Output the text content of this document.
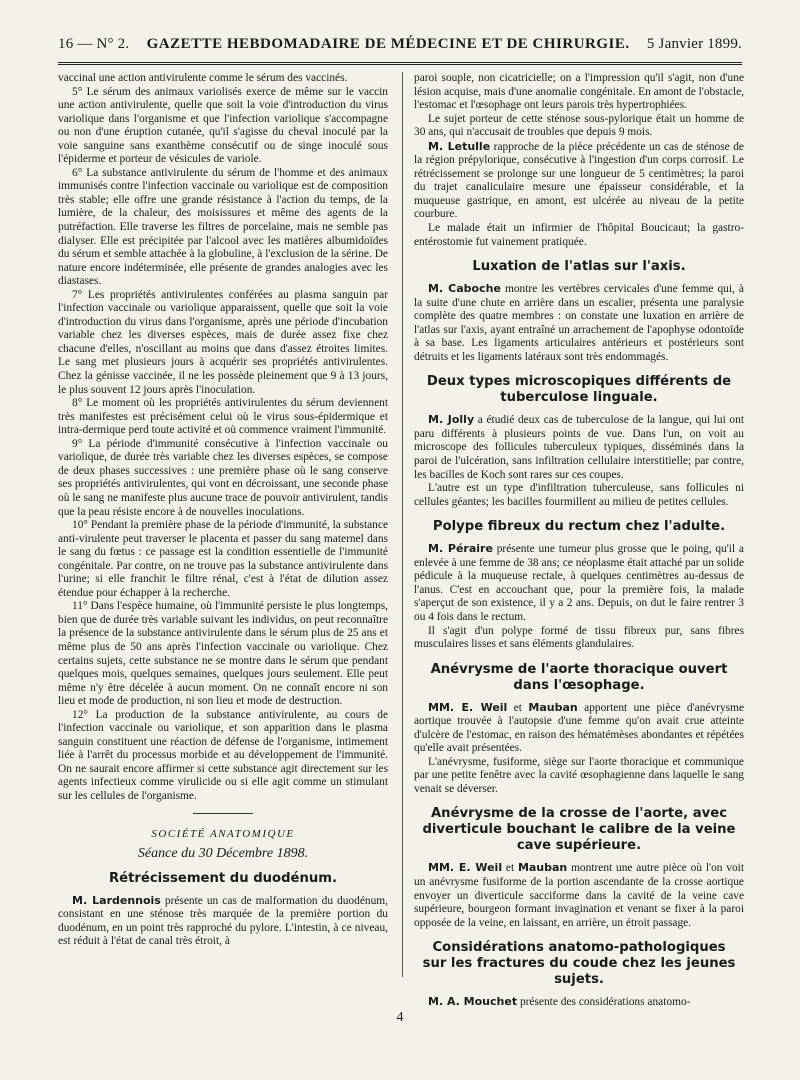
16 — N° 2. GAZETTE HEBDOMADAIRE DE MÉDECINE ET DE CHIRURGIE. 5 Janvier 1899.

vaccinal une action antivirulente comme le sérum des vaccinés.

5° Le sérum des animaux variolisés exerce de même sur le vaccin une action antivirulente, quelle que soit la voie d'introduction du virus variolique dans l'organisme et que l'infection variolique s'accompagne ou non d'une éruption cutanée, qu'il s'agisse du cheval inoculé par la voie sanguine sans exanthème consécutif ou de singe inoculé sous l'épiderme et porteur de vésicules de variole.

6° La substance antivirulente du sérum de l'homme et des animaux immunisés contre l'infection vaccinale ou variolique est de composition très stable; elle offre une grande résistance à l'action du temps, de la lumière, de la chaleur, des moisissures et même des agents de la putréfaction. Elle traverse les filtres de porcelaine, mais ne semble pas dialyser. Elle est précipitée par l'alcool avec les matières albumidoïdes du sérum et semble attachée à la globuline, à l'exclusion de la sérine. De nature encore indéterminée, elle présente de grandes analogies avec les diastases.

7° Les propriétés antivirulentes conférées au plasma sanguin par l'infection vaccinale ou variolique apparaissent, quelle que soit la voie d'introduction du virus dans l'organisme, après une période d'incubation variable chez les diverses espèces, mais de durée assez fixe chez chacune d'elles, n'oscillant au moins que dans d'assez étroites limites. Le sang met plusieurs jours à acquérir ses propriétés antivirulentes. Chez la génisse vaccinée, il ne les possède pleinement que 9 à 13 jours, le plus souvent 12 jours après l'inoculation.

8° Le moment où les propriétés antivirulentes du sérum deviennent très manifestes est précisément celui où le virus sous-épidermique et intra-dermique perd toute activité et où commence vraiment l'immunité.

9° La période d'immunité consécutive à l'infection vaccinale ou variolique, de durée très variable chez les diverses espèces, se compose de deux phases successives : une première phase où le sang conserve ses propriétés antivirulentes, qui vont en décroissant, une seconde phase où le sang ne manifeste plus aucune trace de pouvoir antivirulent, tandis que la peau résiste encore à de nouvelles inoculations.

10° Pendant la première phase de la période d'immunité, la substance anti-virulente peut traverser le placenta et passer du sang maternel dans le sang du fœtus : ce passage est la condition essentielle de l'immunité congénitale. Par contre, on ne trouve pas la substance antivirulente dans l'urine; si elle franchit le filtre rénal, c'est à l'état de dilution assez étendue pour échapper à la recherche.

11° Dans l'espèce humaine, où l'immunité persiste le plus longtemps, bien que de durée très variable suivant les individus, on peut reconnaître la présence de la substance antivirulente dans le sérum plus de 25 ans et même plus de 50 ans après l'infection vaccinale ou variolique. Chez certains sujets, cette substance ne se montre dans le sérum que pendant quelques mois, quelques semaines, quelques jours seulement. Elle peut même n'y être décelée à aucun moment. On ne connaît encore ni son lieu et mode de production, ni son lieu et mode de destruction.

12° La production de la substance antivirulente, au cours de l'infection vaccinale ou variolique, et son apparition dans le plasma sanguin constituent une réaction de défense de l'organisme, intimement liée à l'arrêt du processus morbide et au développement de l'immunité. On ne saurait encore affirmer si cette substance agit directement sur les agents infectieux comme virulicide ou si elle agit comme un stimulant sur les cellules de l'organisme.

SOCIÉTÉ ANATOMIQUE

Séance du 30 Décembre 1898.

Rétrécissement du duodénum.

M. Lardennois présente un cas de malformation du duodénum, consistant en une sténose très marquée de la première portion du duodénum, en un point très rapproché du pylore. L'intestin, à ce niveau, est réduit à l'état de canal très étroit, à

paroi souple, non cicatricielle; on a l'impression qu'il s'agit, non d'une lésion acquise, mais d'une anomalie congénitale. En amont de l'obstacle, l'estomac et l'œsophage ont leurs parois très hypertrophiées.

Le sujet porteur de cette sténose sous-pylorique était un homme de 30 ans, qui n'accusait de troubles que depuis 9 mois.

M. Letulle rapproche de la pièce précédente un cas de sténose de la région prépylorique, consécutive à l'ingestion d'un corps corrosif. Le rétrécissement se prolonge sur une longueur de 5 centimètres; la paroi du trajet canaliculaire mesure une épaisseur considérable, et la muqueuse gastrique, en amont, est ulcérée au niveau de la petite courbure.

Le malade était un infirmier de l'hôpital Boucicaut; la gastro-entérostomie fut vainement pratiquée.

Luxation de l'atlas sur l'axis.

M. Caboche montre les vertèbres cervicales d'une femme qui, à la suite d'une chute en arrière dans un escalier, présenta une paralysie complète des quatre membres : on constate une luxation en arrière de l'atlas sur l'axis, ayant entraîné un arrachement de l'apophyse odontoïde à sa base. Les ligaments articulaires antérieurs et postérieurs sont détruits et les ligaments latéraux sont très endommagés.

Deux types microscopiques différents de tuberculose linguale.

M. Jolly a étudié deux cas de tuberculose de la langue, qui lui ont paru différents à plusieurs points de vue. Dans l'un, on voit au microscope des follicules tuberculeux typiques, disséminés dans la paroi de l'ulcération, sans infiltration cellulaire interstitielle; par contre, les bacilles de Koch sont rares sur ces coupes.

L'autre est un type d'infiltration tuberculeuse, sans follicules ni cellules géantes; les bacilles fourmillent au milieu de petites cellules.

Polype fibreux du rectum chez l'adulte.

M. Péraire présente une tumeur plus grosse que le poing, qu'il a enlevée à une femme de 38 ans; ce néoplasme était attaché par un solide pédicule à la muqueuse rectale, à quelques centimètres au-dessus de l'anus. C'est en accouchant que, pour la première fois, la malade s'aperçut de son existence, il y a 2 ans. Depuis, on dut le faire rentrer 3 ou 4 fois dans le rectum.

Il s'agit d'un polype formé de tissu fibreux pur, sans fibres musculaires lisses et sans éléments glandulaires.

Anévrysme de l'aorte thoracique ouvert dans l'œsophage.

MM. E. Weil et Mauban apportent une pièce d'anévrysme aortique trouvée à l'autopsie d'une femme qu'on avait crue atteinte d'ulcère de l'estomac, en raison des hématémèses abondantes et répétées qu'elle avait présentées.

L'anévrysme, fusiforme, siège sur l'aorte thoracique et communique par une petite fenêtre avec la cavité œsophagienne dans laquelle le sang venait se déverser.

Anévrysme de la crosse de l'aorte, avec diverticule bouchant le calibre de la veine cave supérieure.

MM. E. Weil et Mauban montrent une autre pièce où l'on voit un anévrysme fusiforme de la portion ascendante de la crosse aortique envoyer un diverticule sacciforme dans la cavité de la veine cave supérieure, bourgeon formant invagination et venant se fixer à la paroi opposée de la veine, en laissant, en arrière, un étroit passage.

Considérations anatomo-pathologiques sur les fractures du coude chez les jeunes sujets.

M. A. Mouchet présente des considérations anatomo-

4
